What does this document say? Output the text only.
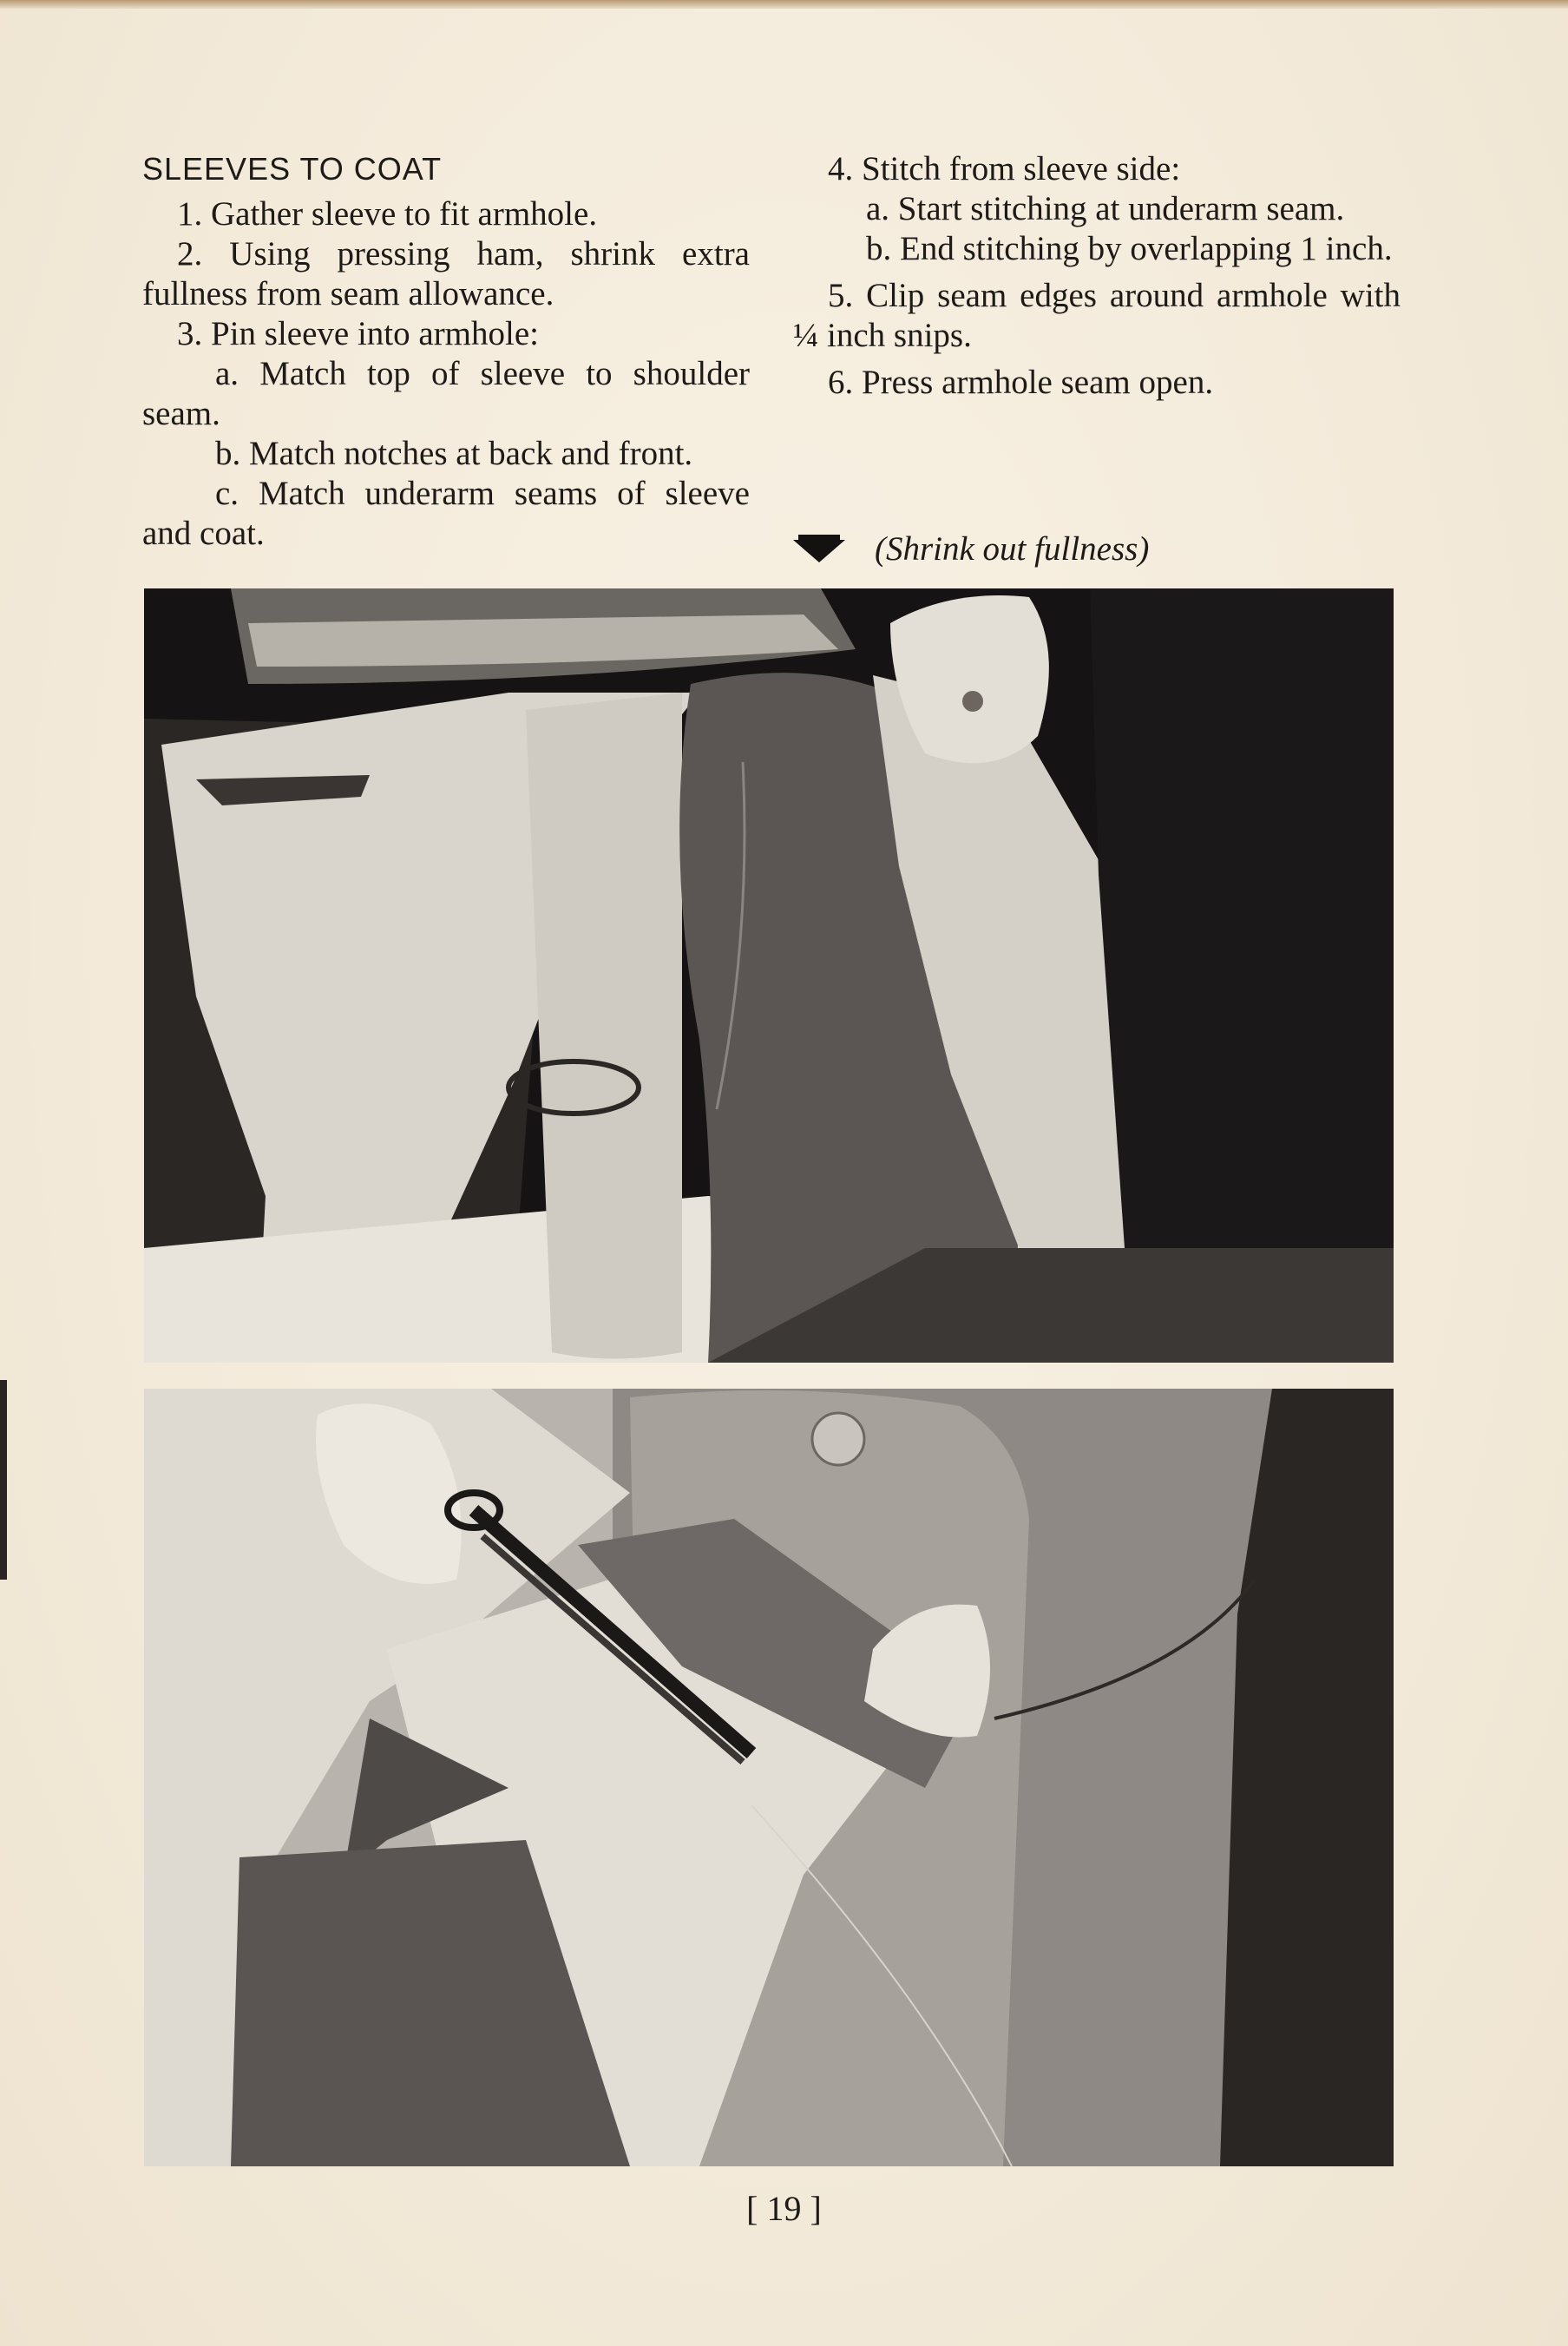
SLEEVES TO COAT

1. Gather sleeve to fit armhole.

2. Using pressing ham, shrink extra fullness from seam allowance.

3. Pin sleeve into armhole:

a. Match top of sleeve to shoulder seam.

b. Match notches at back and front.

c. Match underarm seams of sleeve and coat.

4. Stitch from sleeve side:

a. Start stitching at underarm seam.

b. End stitching by overlapping 1 inch.

5. Clip seam edges around armhole with ¼ inch snips.

6. Press armhole seam open.

(Shrink out fullness)
[ 19 ]
